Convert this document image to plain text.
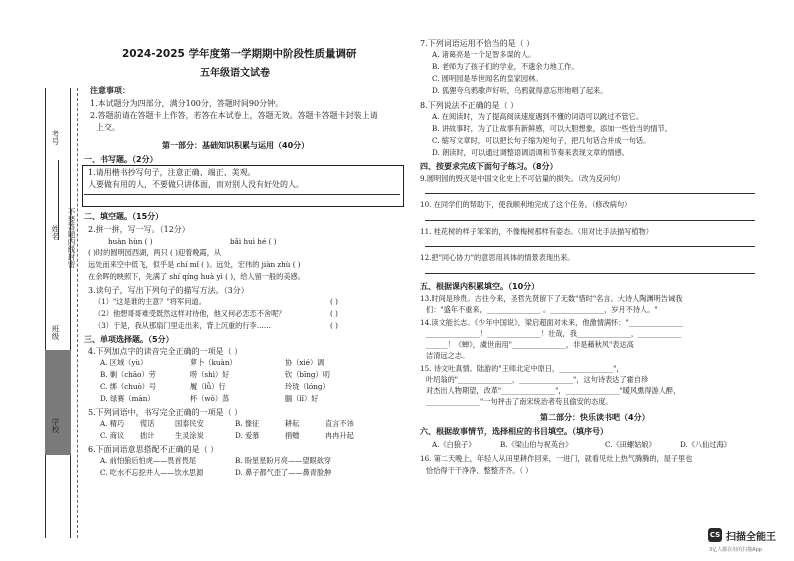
考号
姓名
不要答题内线封密
班级
学校
2024-2025 学年度第一学期期中阶段性质量调研
五年级语文试卷
注意事项：
1.本试题分为四部分，满分100分，答题时间90分钟。
2.答题前请在答题卡上作答，若答在本试卷上，答题无效。答题卡答题卡封装上请
上交。
第一部分：基础知识积累与运用（40分）
一、书写题。（2分）
1.请用楷书抄写句子，注意正确、端正、美观。
人要做有用的人，不要做只讲体面，而对别人没有好处的人。
二、填空题。（15分）
2.拼一拼，写一写。（12分）
huàn hùn ( )	bǎi huì hé ( )
( )时的圆明园西湖，两只 ( )迎着晚霞，从
远处而来空中低飞，似乎是 chí mǐ ( )。远处，宏伟的 jiàn zhù ( )
在余晖的映照下，先满了 shí qíng huà yì ( )，给人留一般的美感。
3.读句子，写出下列句子的描写方法。（3分）
（1）"这是谁的主意？"将军问道。	( )
（2）他想哥哥难受既然这样对待他，他又何必恋恋不舍呢？	( )
（3）于是，我从那扇门里走出来，背上沉重的行李……	( )
三、单项选择题。（5分）
4.下列加点字的读音完全正确的一项是（ ）
A. 区域（yù）	萝卜（kuàn）	协（xié）调
B. 剿（chāo）劳	唠（shì）好	钦（bīng）叨
C. 绑（chuò）号	履（lǚ）行	玲珑（lóng）
D. 绿赛（màn）	杯（wǒ）蒸	腼（lǐ）好
5.下列词语中，书写完全正确的一项是（ ）
A. 精巧 慌话	国泰民安	B. 像征	耕耘	直言不讳
C. 商议 拙计	生灵涂炭	D. 爱慕	捐赠	冉冉升起
6.下面词语意思搭配不正确的是（ ）
A. 前怕狼后怕虎——畏首畏尾	B. 盼星星盼月亮——望眼欲穿
C. 吃水不忘挖井人——饮水思源	D. 鼻子都气歪了——鼻青脸肿
7.下列词语运用不恰当的是（ ）
A. 诸葛亮是一个足智多谋的人。
B. 老师为了孩子们的学业，不遗余力地工作。
C. 圆明园是举世闻名的皇家园林。
D. 狐狸夸乌鸦歌声好听，乌鸦就得意忘形地唱了起来。
8.下列说法不正确的是（ ）
A. 在阅读时，为了提高阅读速度遇到不懂的词语可以跳过不管它。
B. 讲故事时，为了让故事有新鲜感，可以大胆想象，添加一些恰当的情节。
C. 缩写文章时，可以把长句子缩为短句子，把几句话合并成一句话。
D. 朗读时，可以通过调整语调语调和节奏来表现文章的情感。
四、按要求完成下面句子练习。（8分）
9.圆明园的毁灭是中国文化史上不可估量的损失。（改为反问句）
10. 在同学们的帮助下，使我顺利地完成了这个任务。（修改病句）
11. 桂花树的样子笨笨的，不像梅树那样有姿态。（用对比手法描写植物）
12.把"同心协力"的意思用具体的情景表现出来。
五、根据课内积累填空。（10分）
13.时间是珍贵。古往今来，圣哲先贤留下了无数"惜时"名言。大诗人陶渊明告诫我
们："盛年不重来，_______________ 。_______________，岁月不待人。"
14.读文能长志。《少年中国说》，梁启超面对未来，他激情满怀："_______________
_______________！_______________！壮哉，我_______________，____________
______！《蝉》，虞世南用"_______________，非是藉秋风"表达高
洁清远之志。
15. 诗文吐真情。陆游的"王师北定中原日，_______________"，
叶绍翁的"_______________，_______________"，这句诗表达了霍自珍
对杰出人物期望，改革"_______________"，_______________"暖风熏得游人醉，
_______________"一句抨击了南宋统治者苟且偷安的态度。
第二部分：快乐读书吧（4分）
六、根据故事情节，选择相应的书目填空。（填序号）
A.《白狼子》	B.《梁山伯与祝英台》	C.《田螺姑娘》	D.《八仙过海》
16. 第二天晚上，年轻人从田里耕作回来，一进门，就看见灶上热气腾腾的，屋子里也
恰恰得干干净净、整整齐齐。（ ）
CS 扫描全能王
3亿人都在用的扫描App
